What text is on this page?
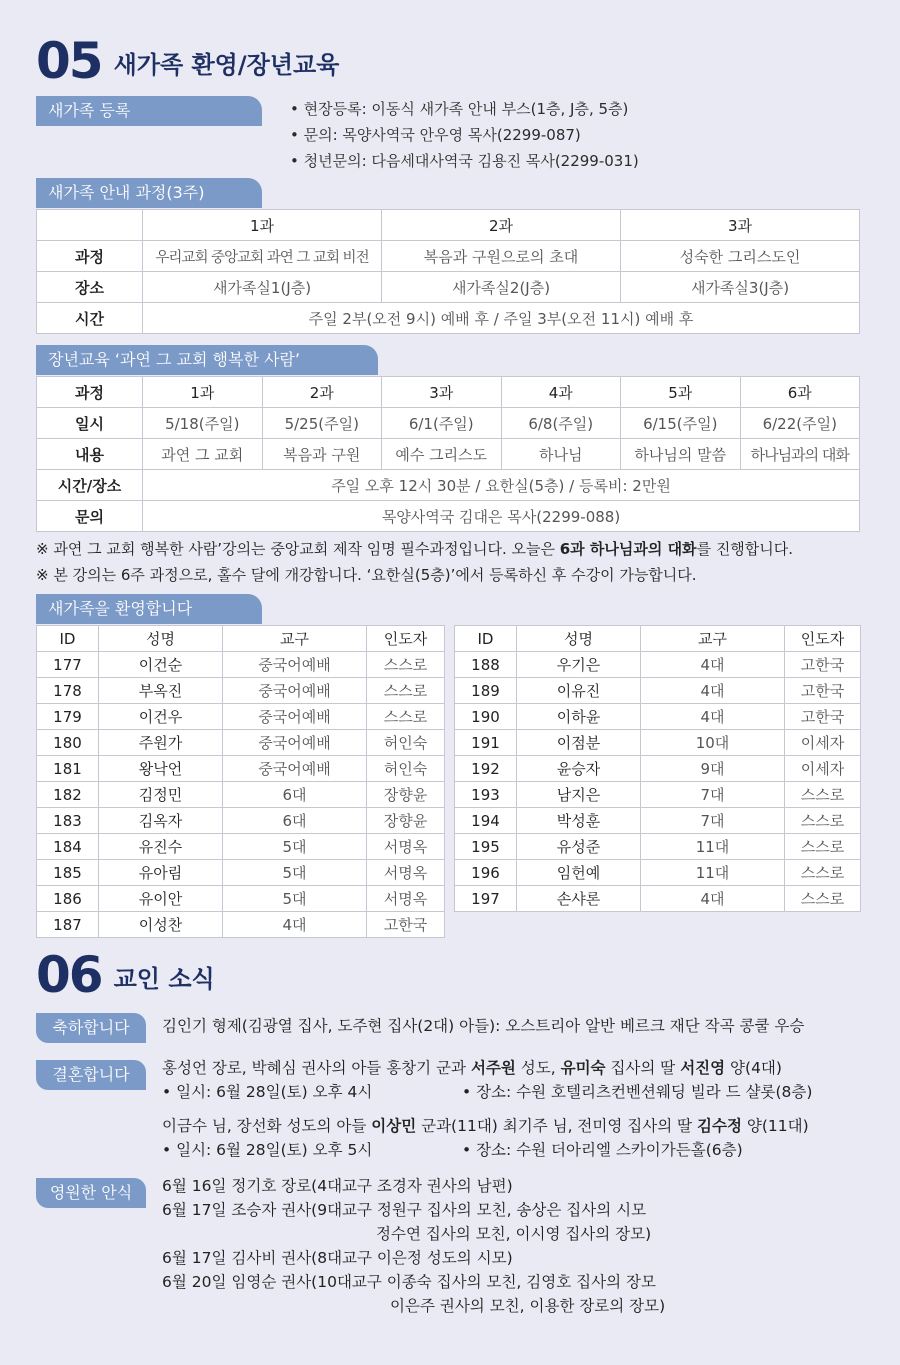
05 새가족 환영/장년교육
새가족 등록	• 현장등록: 이동식 새가족 안내 부스(1층, J층, 5층)
• 문의: 목양사역국 안우영 목사(2299-087)
• 청년문의: 다음세대사역국 김용진 목사(2299-031)
새가족 안내 과정(3주)
	1과	2과	3과
과정	우리교회 중앙교회 과연 그 교회 비전	복음과 구원으로의 초대	성숙한 그리스도인
장소	새가족실1(J층)	새가족실2(J층)	새가족실3(J층)
시간	주일 2부(오전 9시) 예배 후 / 주일 3부(오전 11시) 예배 후		
장년교육 ‘과연 그 교회 행복한 사람’
과정	1과	2과	3과	4과	5과	6과
일시	5/18(주일)	5/25(주일)	6/1(주일)	6/8(주일)	6/15(주일)	6/22(주일)
내용	과연 그 교회	복음과 구원	예수 그리스도	하나님	하나님의 말씀	하나님과의 대화
시간/장소	주일 오후 12시 30분 / 요한실(5층) / 등록비: 2만원					
문의	목양사역국 김대은 목사(2299-088)					
※ 과연 그 교회 행복한 사람’강의는 중앙교회 제작 임명 필수과정입니다. 오늘은 6과 하나님과의 대화를 진행합니다.
※ 본 강의는 6주 과정으로, 홀수 달에 개강합니다. ‘요한실(5층)’에서 등록하신 후 수강이 가능합니다.
새가족을 환영합니다
ID	성명	교구	인도자
177	이건순	중국어예배	스스로
178	부옥진	중국어예배	스스로
179	이건우	중국어예배	스스로
180	주원가	중국어예배	허인숙
181	왕낙언	중국어예배	허인숙
182	김정민	6대	장향윤
183	김옥자	6대	장향윤
184	유진수	5대	서명옥
185	유아림	5대	서명옥
186	유이안	5대	서명옥
187	이성찬	4대	고한국
ID	성명	교구	인도자
188	우기은	4대	고한국
189	이유진	4대	고한국
190	이하윤	4대	고한국
191	이점분	10대	이세자
192	윤승자	9대	이세자
193	남지은	7대	스스로
194	박성훈	7대	스스로
195	유성준	11대	스스로
196	임헌예	11대	스스로
197	손샤론	4대	스스로
06 교인 소식
축하합니다	김인기 형제(김광열 집사, 도주현 집사(2대) 아들): 오스트리아 알반 베르크 재단 작곡 콩쿨 우승
결혼합니다	홍성언 장로, 박혜심 권사의 아들 홍창기 군과 서주원 성도, 유미숙 집사의 딸 서진영 양(4대)
• 일시: 6월 28일(토) 오후 4시	• 장소: 수원 호텔리츠컨벤션웨딩 빌라 드 샬롯(8층)
이금수 님, 장선화 성도의 아들 이상민 군과(11대) 최기주 님, 전미영 집사의 딸 김수정 양(11대)
• 일시: 6월 28일(토) 오후 5시	• 장소: 수원 더아리엘 스카이가든홀(6층)
영원한 안식	6월 16일 정기호 장로(4대교구 조경자 권사의 남편)
6월 17일 조승자 권사(9대교구 정원구 집사의 모친, 송상은 집사의 시모
정수연 집사의 모친, 이시영 집사의 장모)
6월 17일 김사비 권사(8대교구 이은정 성도의 시모)
6월 20일 임영순 권사(10대교구 이종숙 집사의 모친, 김영호 집사의 장모
이은주 권사의 모친, 이용한 장로의 장모)
